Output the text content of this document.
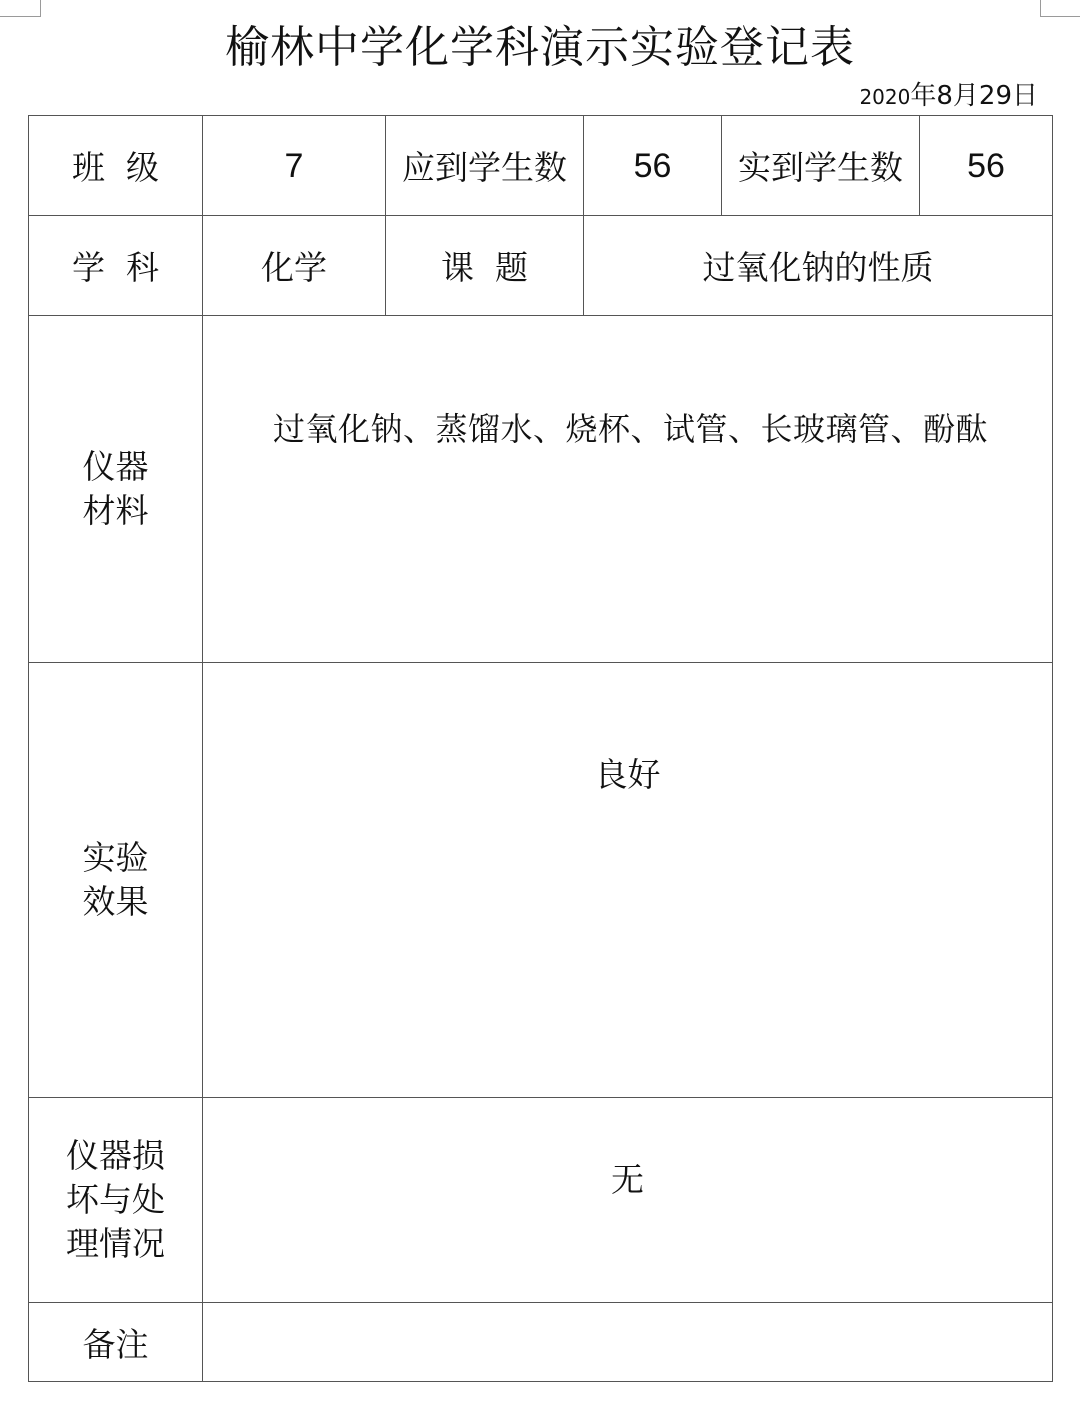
榆林中学化学科演示实验登记表
2020年8月29日
班  级	7	应到学生数	56	实到学生数	56
学  科	化学	课  题	过氧化钠的性质		
仪器
材料	过氧化钠、蒸馏水、烧杯、试管、长玻璃管、酚酞				

实验
效果	良好				

仪器损
坏与处
理情况	无				

备注					
